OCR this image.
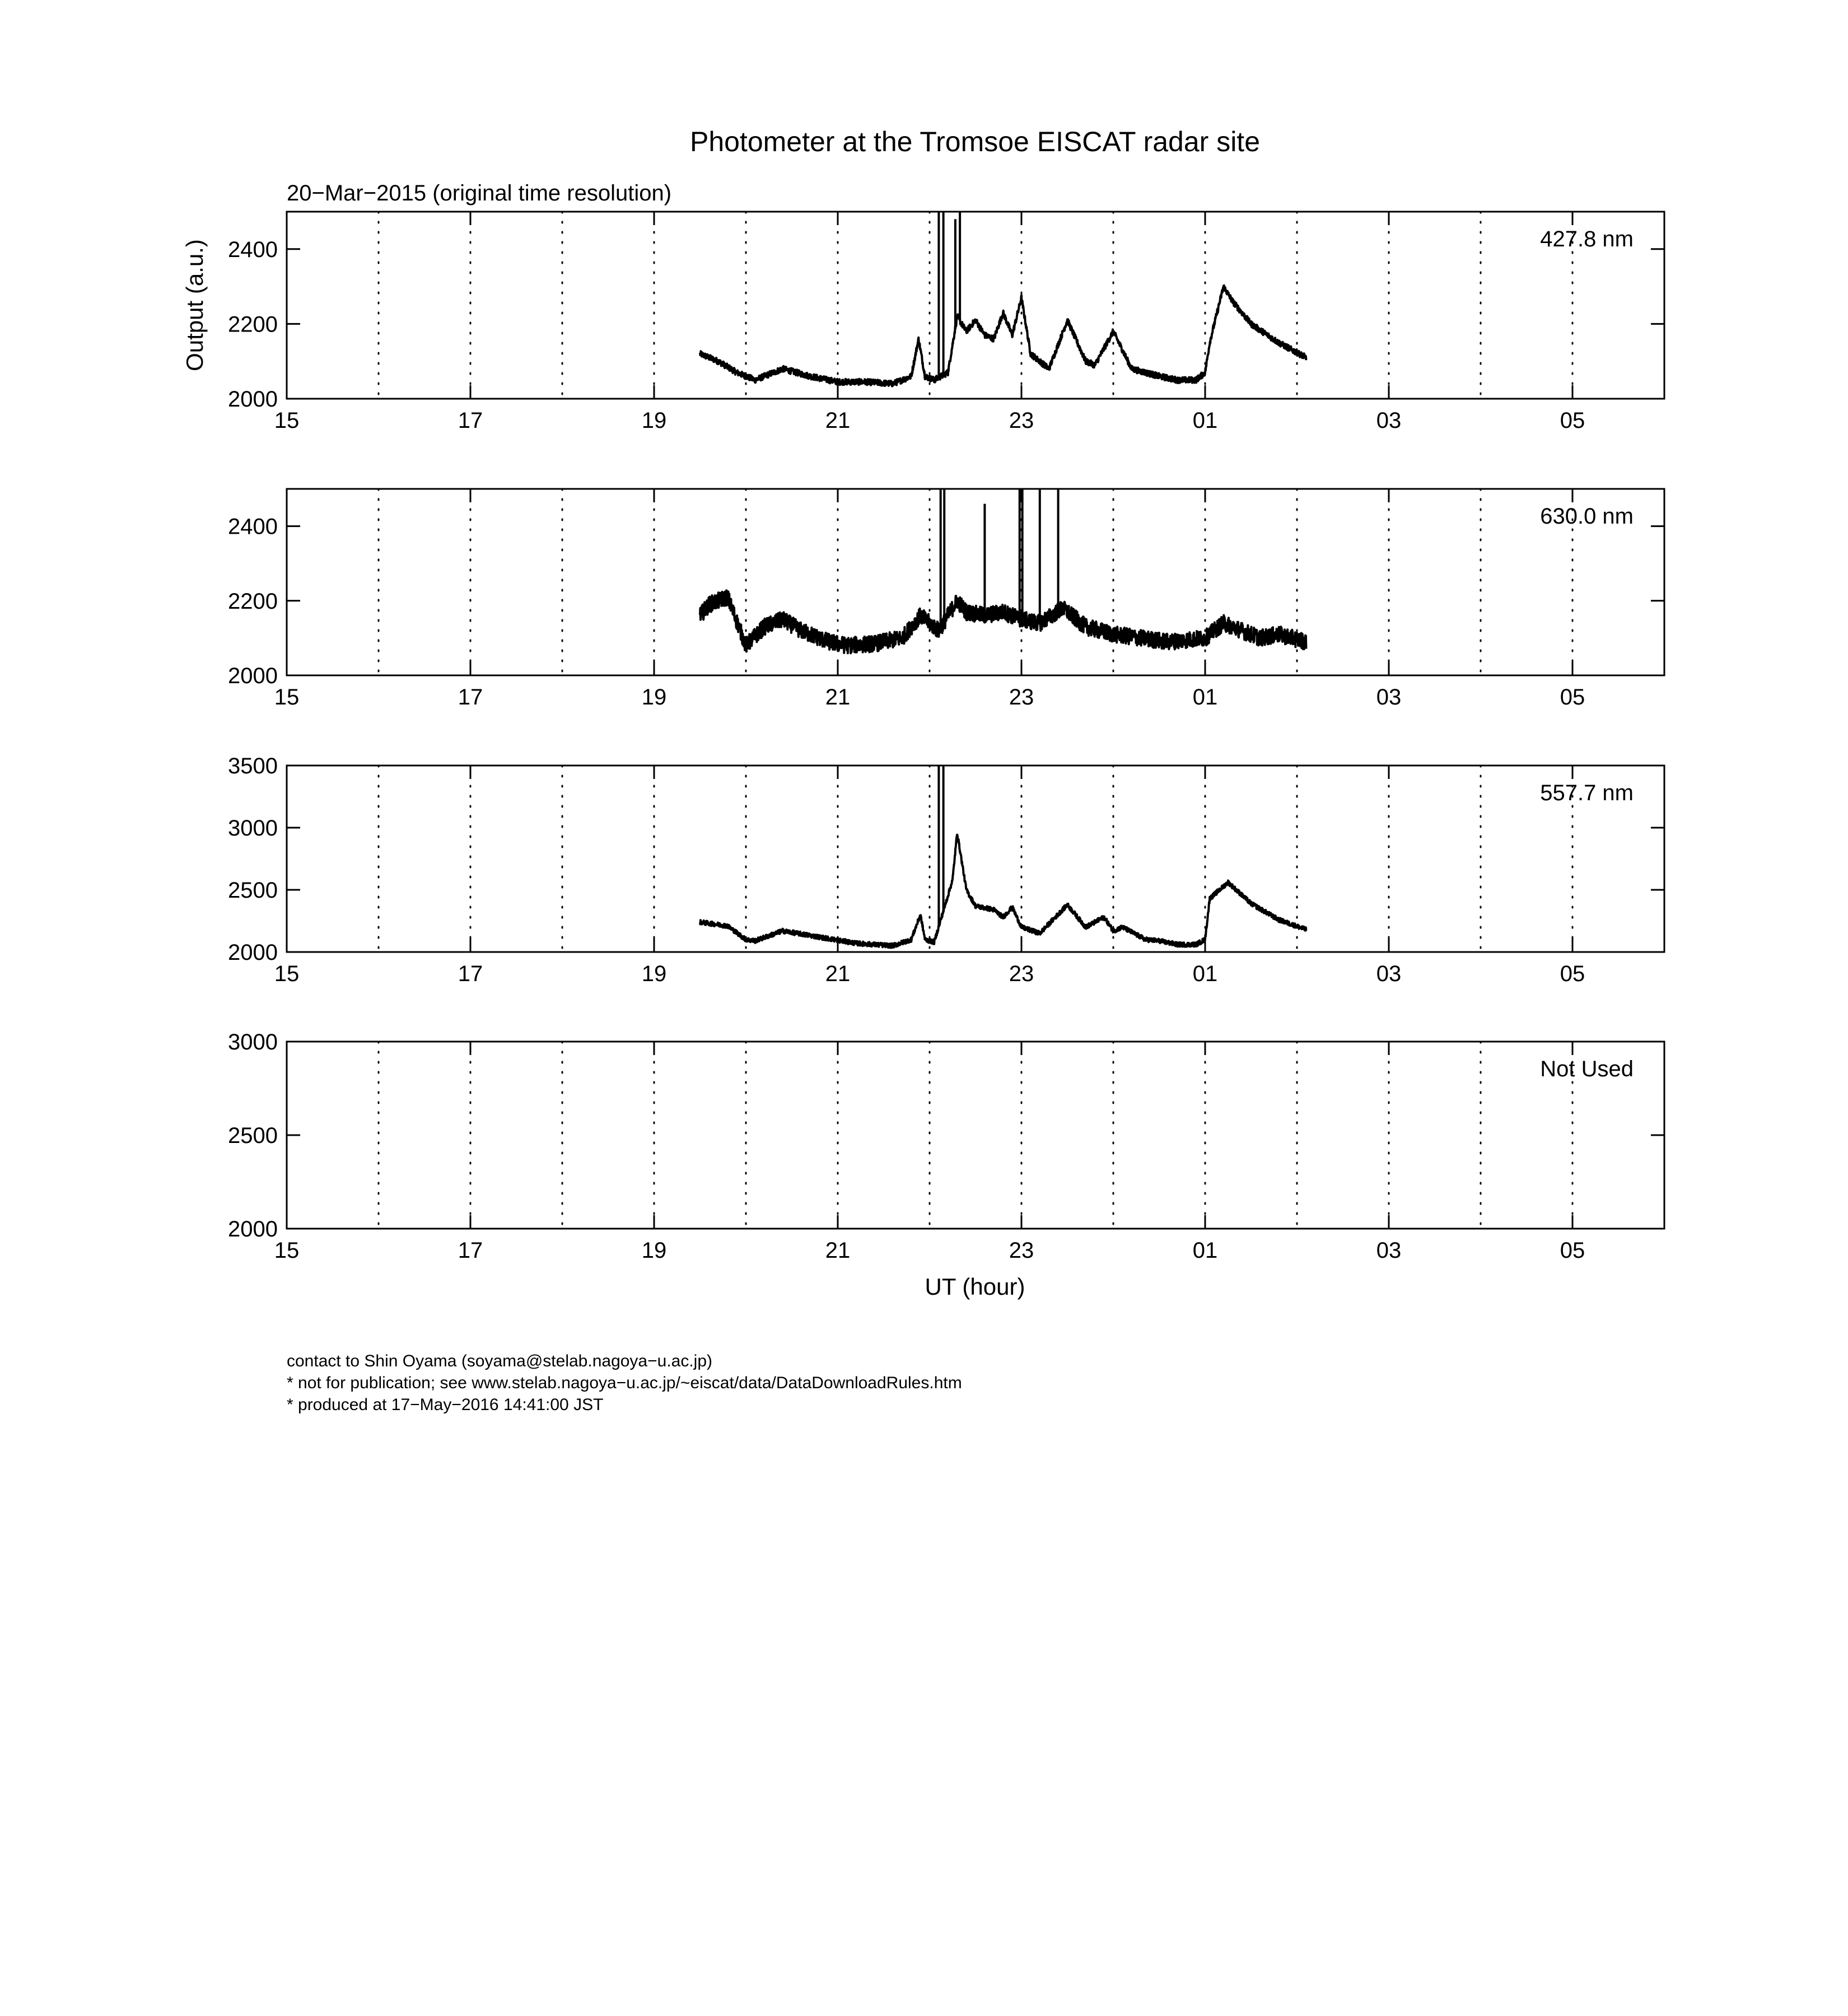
Photometer at the Tromsoe EISCAT radar site
20−Mar−2015 (original time resolution)
Output (a.u.)
UT (hour)
contact to Shin Oyama (soyama@stelab.nagoya−u.ac.jp)
* not for publication; see www.stelab.nagoya−u.ac.jp/~eiscat/data/DataDownloadRules.htm
* produced at 17−May−2016 14:41:00 JST
2000
2200
2400
15	17	19	21	23	01	03	05
427.8 nm
2000
2200
2400
15	17	19	21	23	01	03	05
630.0 nm
2000
2500
3000
3500
15	17	19	21	23	01	03	05
557.7 nm
2000
2500
3000
15	17	19	21	23	01	03	05
Not Used
